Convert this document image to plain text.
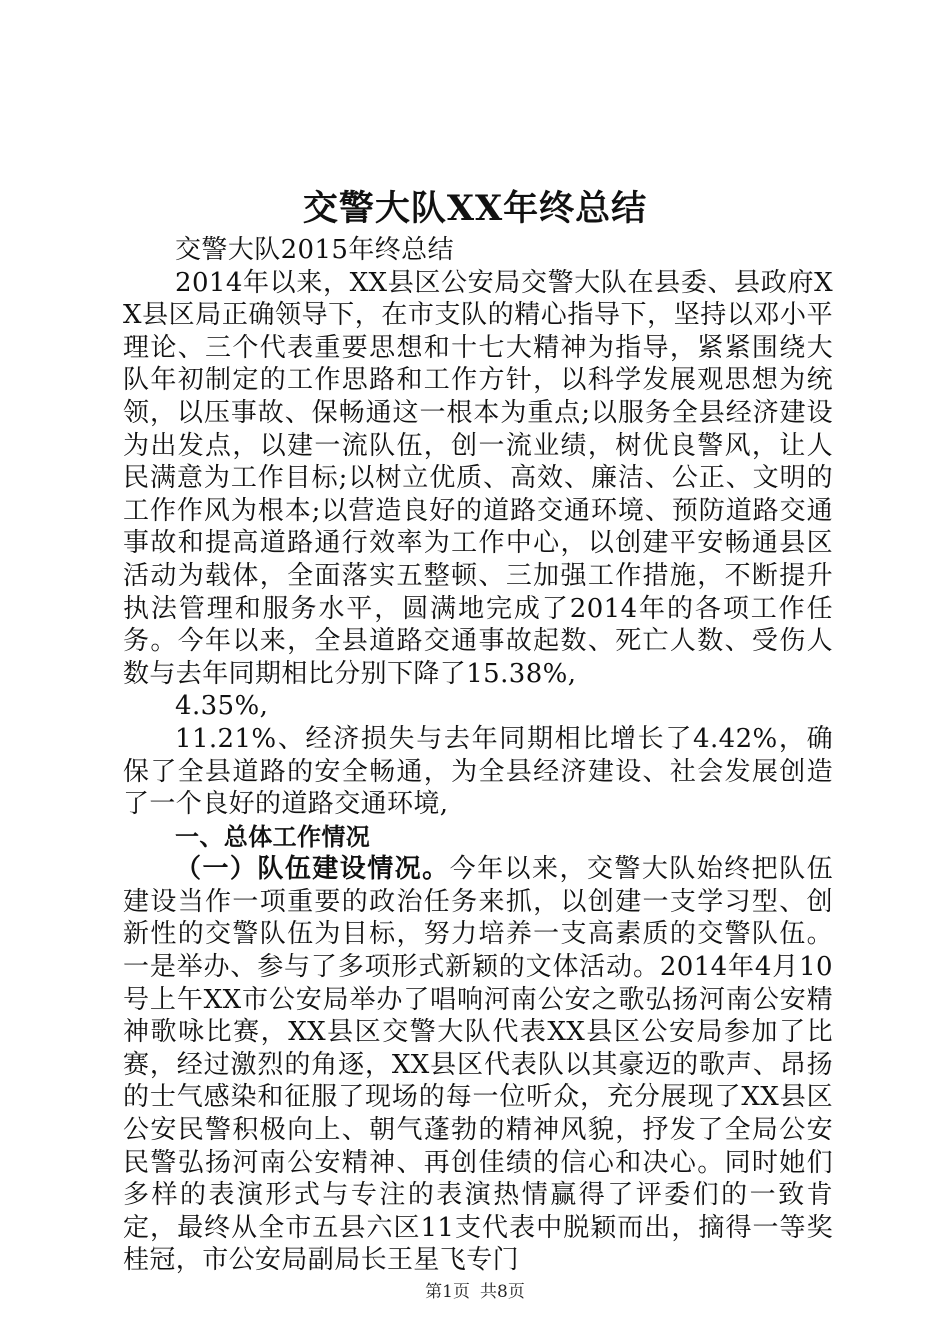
交警大队XX年终总结

交警大队2015年终总结

2014年以来，XX县区公安局交警大队在县委、县政府XX县区局正确领导下，在市支队的精心指导下，坚持以邓小平理论、三个代表重要思想和十七大精神为指导，紧紧围绕大队年初制定的工作思路和工作方针，以科学发展观思想为统领，以压事故、保畅通这一根本为重点;以服务全县经济建设为出发点，以建一流队伍，创一流业绩，树优良警风，让人民满意为工作目标;以树立优质、高效、廉洁、公正、文明的工作作风为根本;以营造良好的道路交通环境、预防道路交通事故和提高道路通行效率为工作中心，以创建平安畅通县区活动为载体，全面落实五整顿、三加强工作措施，不断提升执法管理和服务水平，圆满地完成了2014年的各项工作任务。今年以来，全县道路交通事故起数、死亡人数、受伤人数与去年同期相比分别下降了15.38%,

4.35%,

11.21%、经济损失与去年同期相比增长了4.42%，确保了全县道路的安全畅通，为全县经济建设、社会发展创造了一个良好的道路交通环境,

一、总体工作情况

（一）队伍建设情况。今年以来，交警大队始终把队伍建设当作一项重要的政治任务来抓，以创建一支学习型、创新性的交警队伍为目标，努力培养一支高素质的交警队伍。一是举办、参与了多项形式新颖的文体活动。2014年4月10号上午XX市公安局举办了唱响河南公安之歌弘扬河南公安精神歌咏比赛，XX县区交警大队代表XX县区公安局参加了比赛，经过激烈的角逐，XX县区代表队以其豪迈的歌声、昂扬的士气感染和征服了现场的每一位听众，充分展现了XX县区公安民警积极向上、朝气蓬勃的精神风貌，抒发了全局公安民警弘扬河南公安精神、再创佳绩的信心和决心。同时她们多样的表演形式与专注的表演热情赢得了评委们的一致肯定，最终从全市五县六区11支代表中脱颖而出，摘得一等奖桂冠，市公安局副局长王星飞专门

第1页 共8页
